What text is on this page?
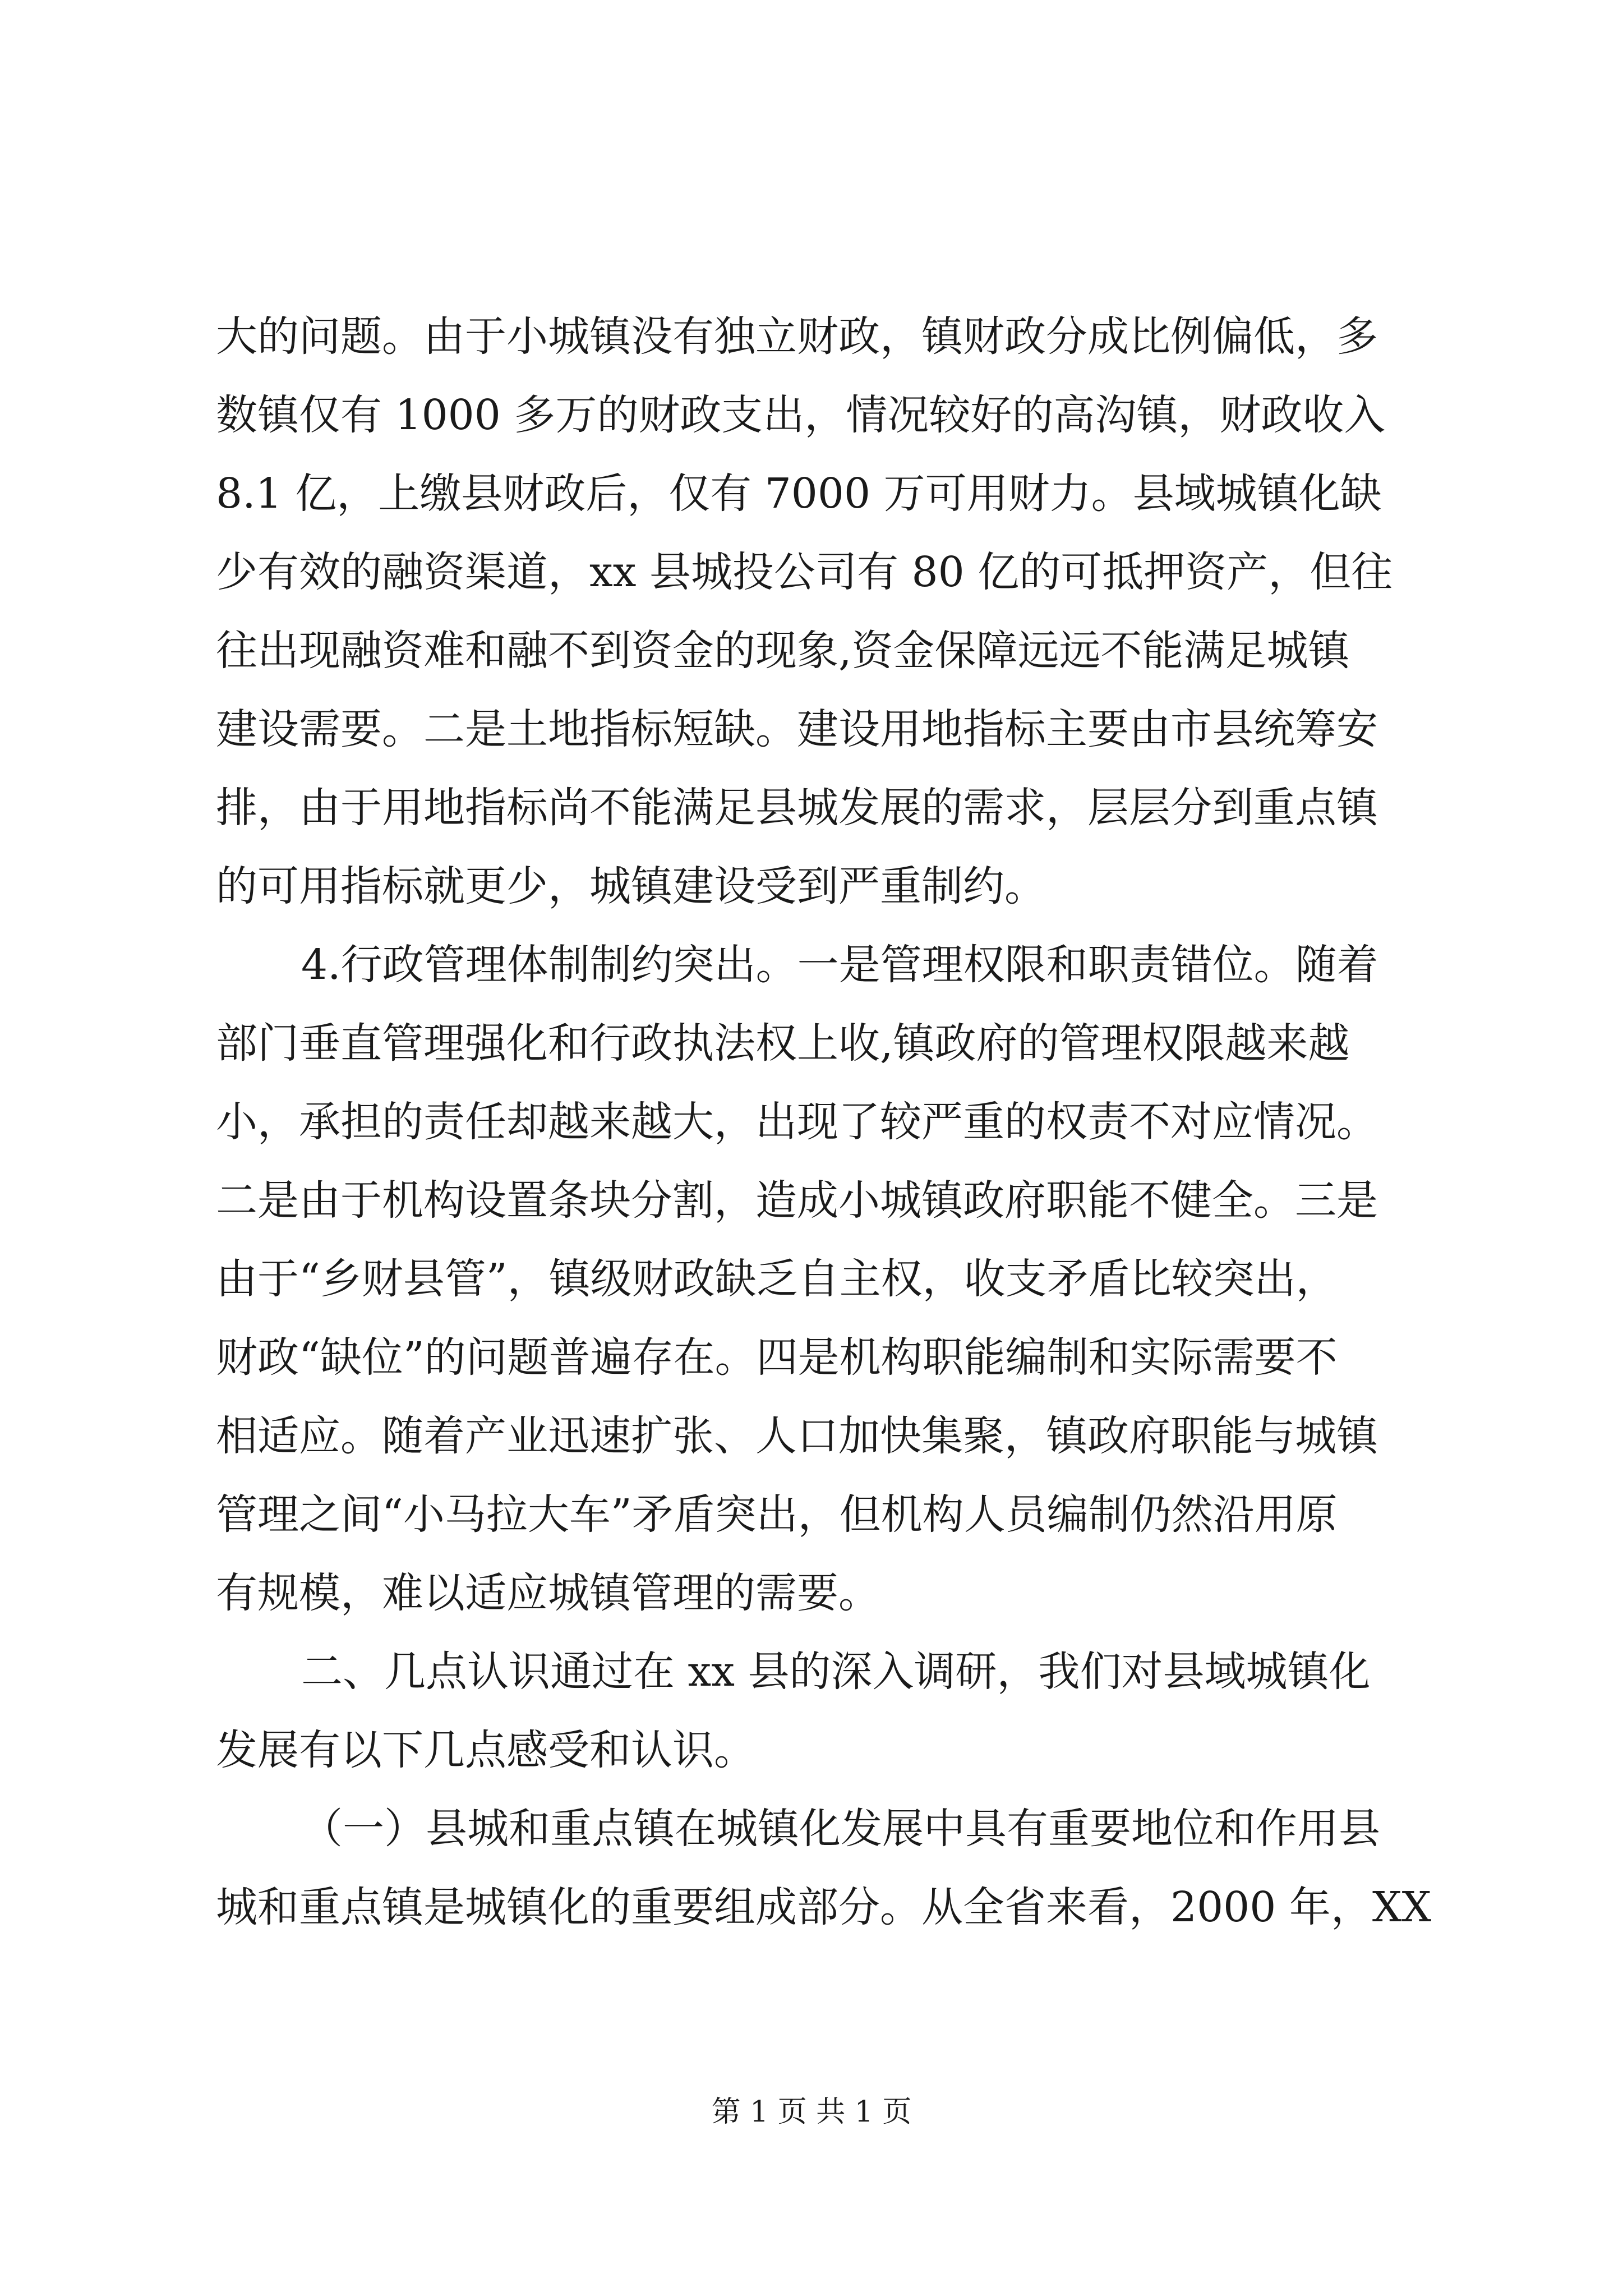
大的问题。由于小城镇没有独立财政，镇财政分成比例偏低，多
数镇仅有 1000 多万的财政支出，情况较好的高沟镇，财政收入
8.1 亿，上缴县财政后，仅有 7000 万可用财力。县域城镇化缺
少有效的融资渠道，xx 县城投公司有 80 亿的可抵押资产，但往
往出现融资难和融不到资金的现象,资金保障远远不能满足城镇
建设需要。二是土地指标短缺。建设用地指标主要由市县统筹安
排，由于用地指标尚不能满足县城发展的需求，层层分到重点镇
的可用指标就更少，城镇建设受到严重制约。
4.行政管理体制制约突出。一是管理权限和职责错位。随着
部门垂直管理强化和行政执法权上收,镇政府的管理权限越来越
小，承担的责任却越来越大，出现了较严重的权责不对应情况。
二是由于机构设置条块分割，造成小城镇政府职能不健全。三是
由于“乡财县管”，镇级财政缺乏自主权，收支矛盾比较突出，
财政“缺位”的问题普遍存在。四是机构职能编制和实际需要不
相适应。随着产业迅速扩张、人口加快集聚，镇政府职能与城镇
管理之间“小马拉大车”矛盾突出，但机构人员编制仍然沿用原
有规模，难以适应城镇管理的需要。
二、几点认识通过在 xx 县的深入调研，我们对县域城镇化
发展有以下几点感受和认识。
（一）县城和重点镇在城镇化发展中具有重要地位和作用县
城和重点镇是城镇化的重要组成部分。从全省来看，2000 年，XX
第 1 页 共 1 页
